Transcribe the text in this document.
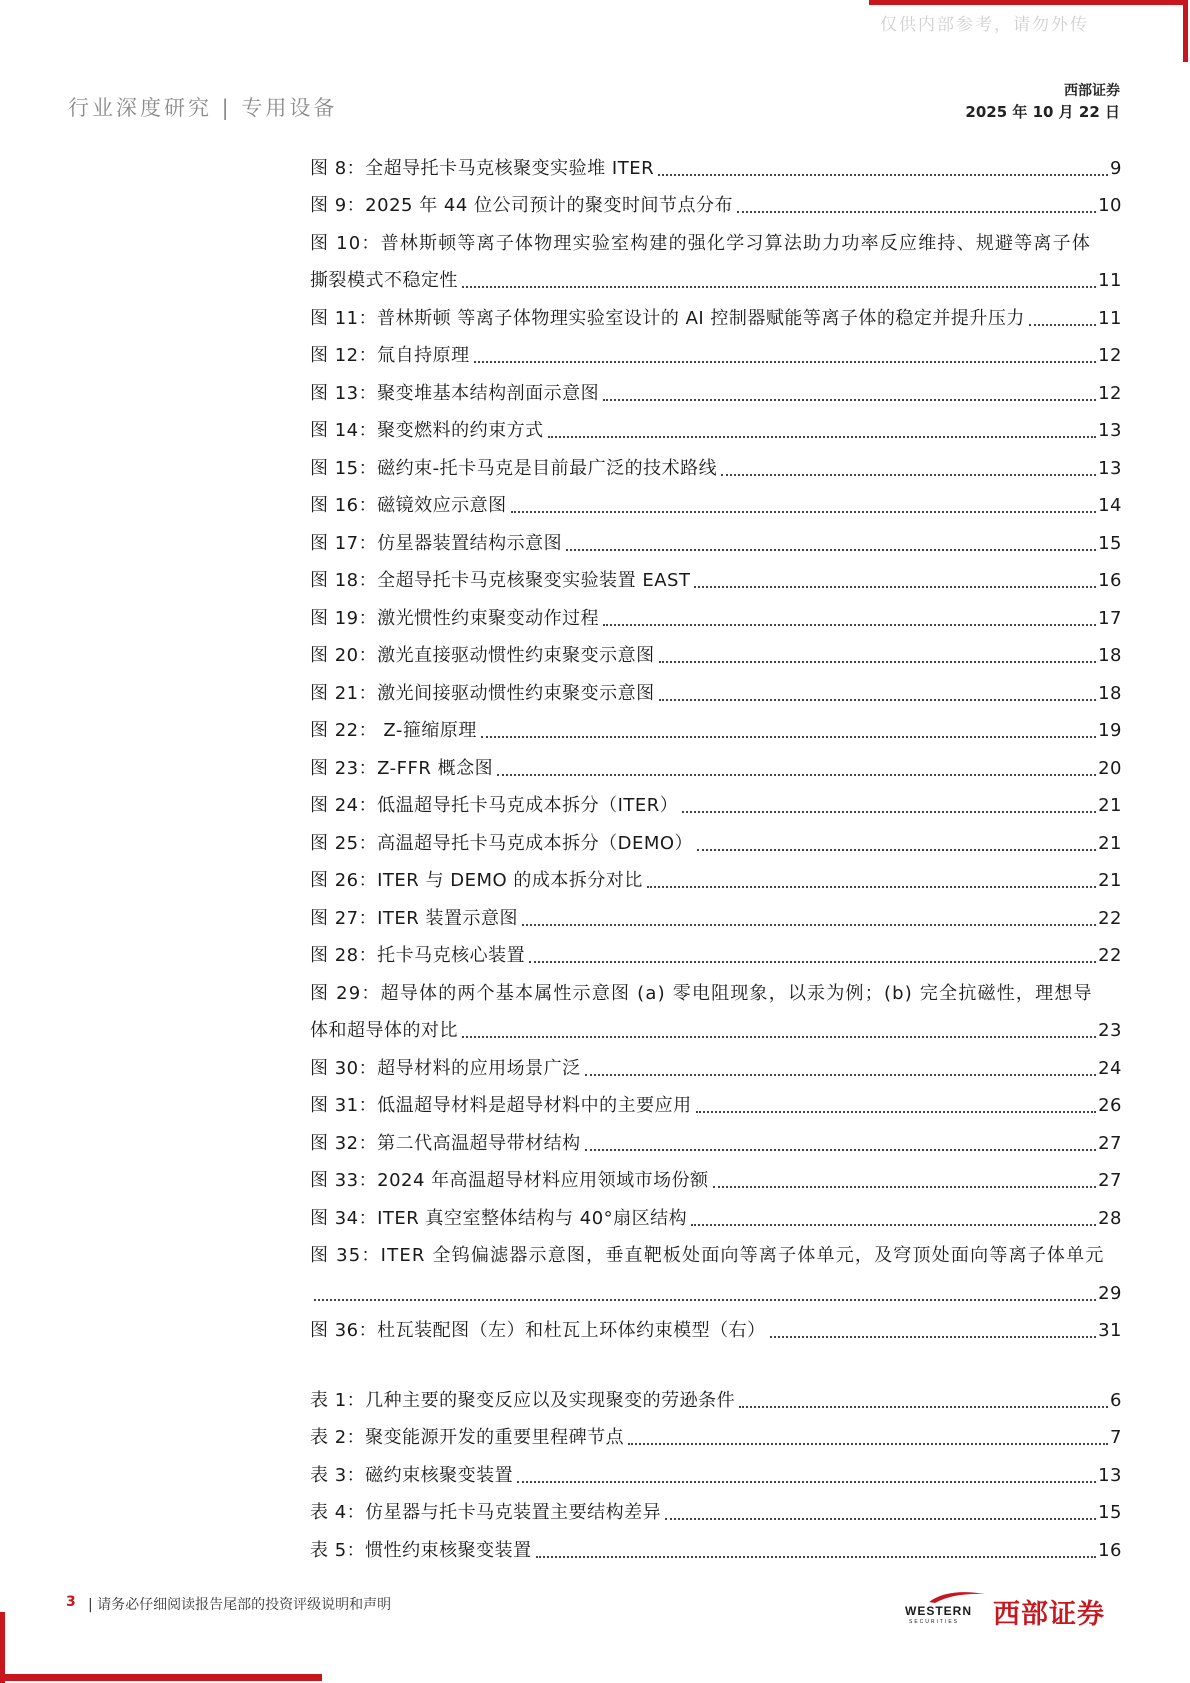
仅供内部参考，请勿外传
行业深度研究 | 专用设备
西部证券
2025 年 10 月 22 日
图 8：全超导托卡马克核聚变实验堆 ITER	9
图 9：2025 年 44 位公司预计的聚变时间节点分布	10
图 10：普林斯顿等离子体物理实验室构建的强化学习算法助力功率反应维持、规避等离子体
撕裂模式不稳定性	11
图 11：普林斯顿 等离子体物理实验室设计的 AI 控制器赋能等离子体的稳定并提升压力	11
图 12：氚自持原理	12
图 13：聚变堆基本结构剖面示意图	12
图 14：聚变燃料的约束方式	13
图 15：磁约束-托卡马克是目前最广泛的技术路线	13
图 16：磁镜效应示意图	14
图 17：仿星器装置结构示意图	15
图 18：全超导托卡马克核聚变实验装置 EAST	16
图 19：激光惯性约束聚变动作过程	17
图 20：激光直接驱动惯性约束聚变示意图	18
图 21：激光间接驱动惯性约束聚变示意图	18
图 22： Z-箍缩原理	19
图 23：Z-FFR 概念图	20
图 24：低温超导托卡马克成本拆分（ITER）	21
图 25：高温超导托卡马克成本拆分（DEMO）	21
图 26：ITER 与 DEMO 的成本拆分对比	21
图 27：ITER 装置示意图	22
图 28：托卡马克核心装置	22
图 29：超导体的两个基本属性示意图 (a) 零电阻现象，以汞为例；(b) 完全抗磁性，理想导
体和超导体的对比	23
图 30：超导材料的应用场景广泛	24
图 31：低温超导材料是超导材料中的主要应用	26
图 32：第二代高温超导带材结构	27
图 33：2024 年高温超导材料应用领域市场份额	27
图 34：ITER 真空室整体结构与 40°扇区结构	28
图 35：ITER 全钨偏滤器示意图，垂直靶板处面向等离子体单元，及穹顶处面向等离子体单元
29
图 36：杜瓦装配图（左）和杜瓦上环体约束模型（右）	31
表 1：几种主要的聚变反应以及实现聚变的劳逊条件	6
表 2：聚变能源开发的重要里程碑节点	7
表 3：磁约束核聚变装置	13
表 4：仿星器与托卡马克装置主要结构差异	15
表 5：惯性约束核聚变装置	16
3 | 请务必仔细阅读报告尾部的投资评级说明和声明	WESTERN
SECURITIES 西部证券
